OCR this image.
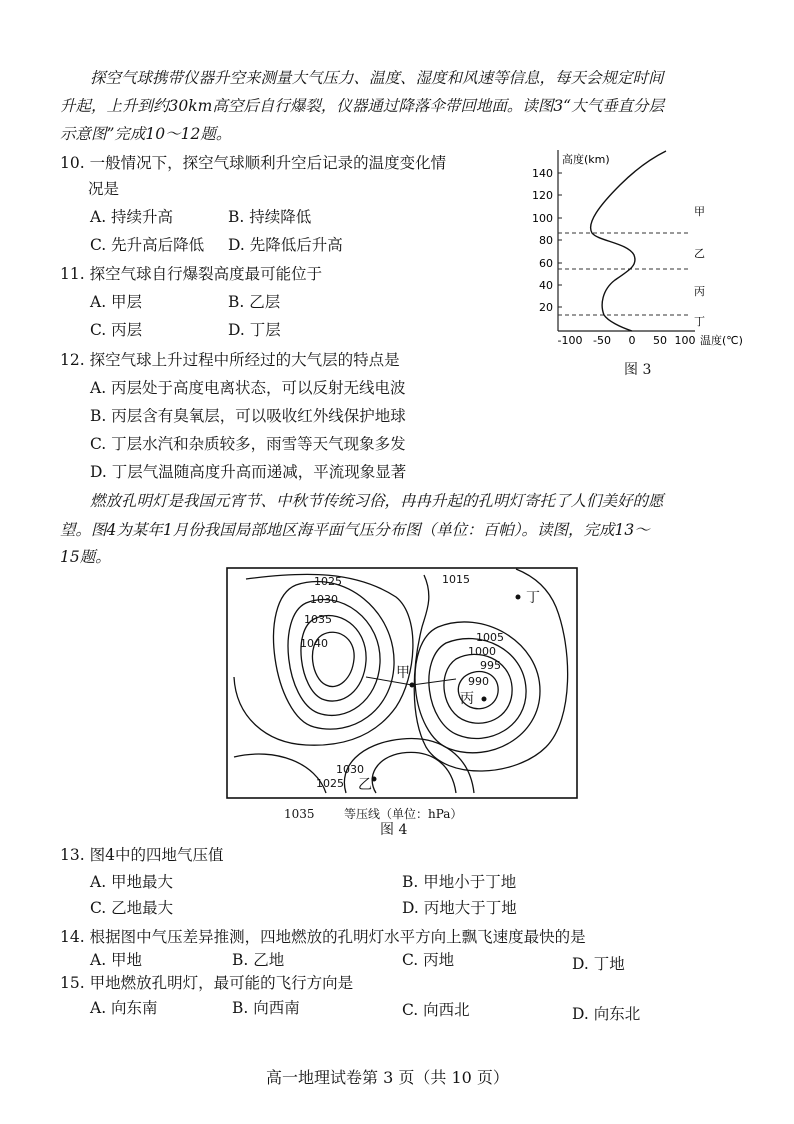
探空气球携带仪器升空来测量大气压力、温度、湿度和风速等信息，每天会规定时间
升起，上升到约30km高空后自行爆裂，仪器通过降落伞带回地面。读图3“大气垂直分层
示意图”完成10～12题。
10. 一般情况下，探空气球顺利升空后记录的温度变化情
况是
A. 持续升高	B. 持续降低
C. 先升高后降低 D. 先降低后升高
11. 探空气球自行爆裂高度最可能位于
A. 甲层	B. 乙层
C. 丙层	D. 丁层
12. 探空气球上升过程中所经过的大气层的特点是
A. 丙层处于高度电离状态，可以反射无线电波
B. 丙层含有臭氧层，可以吸收红外线保护地球
C. 丁层水汽和杂质较多，雨雪等天气现象多发
D. 丁层气温随高度升高而递减，平流现象显著
高度(km)
140
120
100
80
60
40
20
-100 -50 0 50 100 温度(℃)
甲
乙
丙
丁
图 3
燃放孔明灯是我国元宵节、中秋节传统习俗，冉冉升起的孔明灯寄托了人们美好的愿
望。图4为某年1月份我国局部地区海平面气压分布图（单位：百帕）。读图，完成13～
15题。
1025
1030
1035
1040
1015
1005
1000
995
990
1030
1025
甲
乙
丙
丁
1035 等压线（单位：hPa）
图 4
13. 图4中的四地气压值
A. 甲地最大	B. 甲地小于丁地
C. 乙地最大	D. 丙地大于丁地
14. 根据图中气压差异推测，四地燃放的孔明灯水平方向上飘飞速度最快的是
A. 甲地	B. 乙地	C. 丙地	D. 丁地
15. 甲地燃放孔明灯，最可能的飞行方向是
A. 向东南	B. 向西南	C. 向西北	D. 向东北
高一地理试卷第 3 页（共 10 页）
